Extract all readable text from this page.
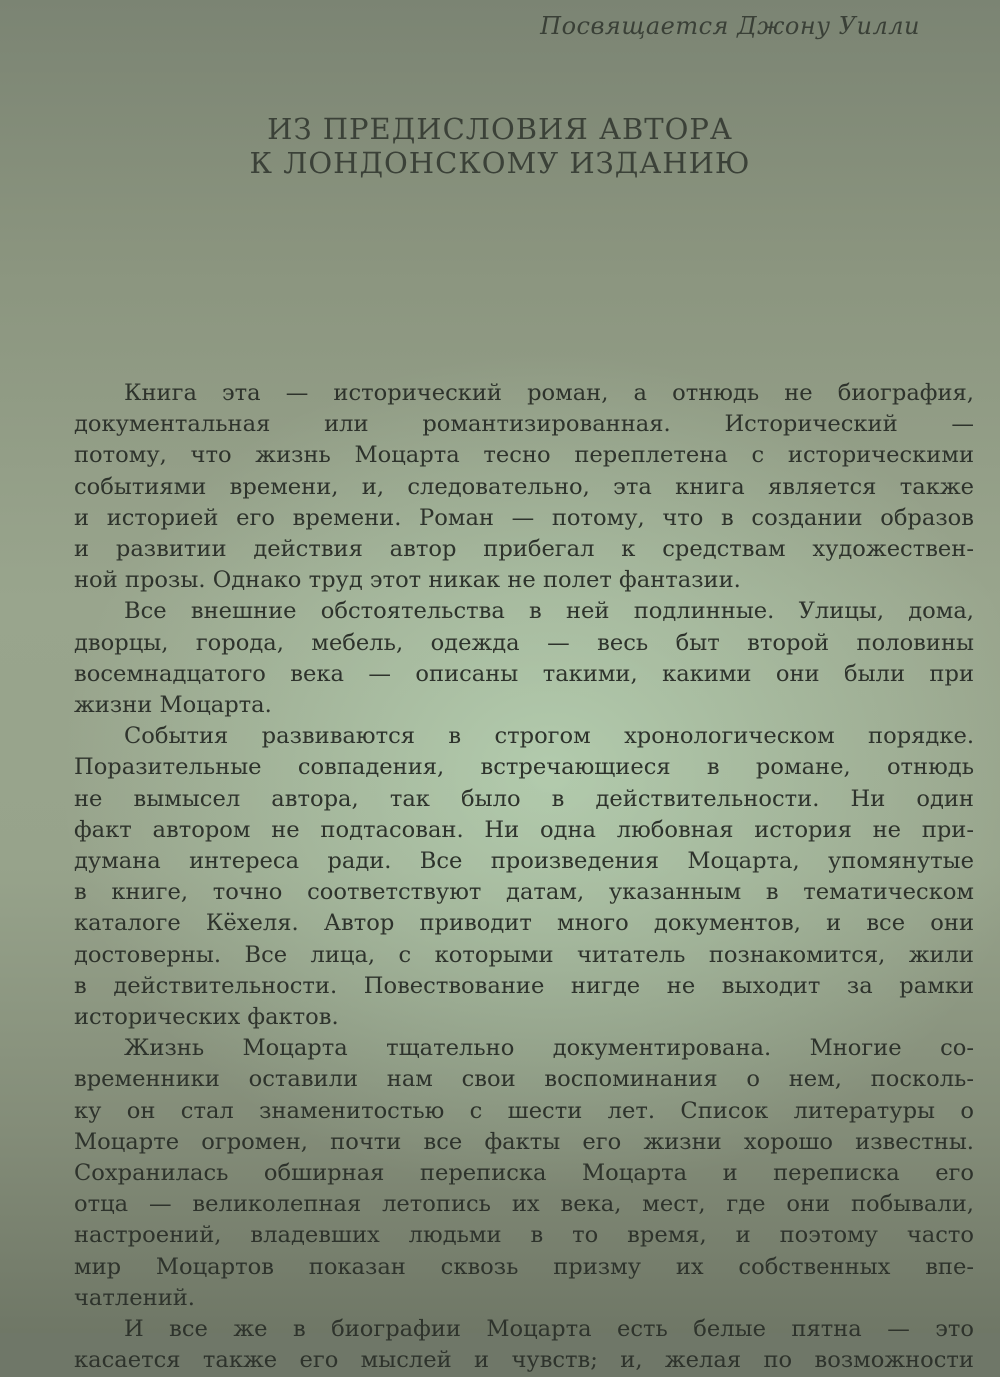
Посвящается Джону Уилли
ИЗ ПРЕДИСЛОВИЯ АВТОРА
К ЛОНДОНСКОМУ ИЗДАНИЮ

Книга эта — исторический роман, а отнюдь не биография,
документальная или романтизированная. Исторический —
потому, что жизнь Моцарта тесно переплетена с историческими
событиями времени, и, следовательно, эта книга является также
и историей его времени. Роман — потому, что в создании образов
и развитии действия автор прибегал к средствам художествен-
ной прозы. Однако труд этот никак не полет фантазии.

Все внешние обстоятельства в ней подлинные. Улицы, дома,
дворцы, города, мебель, одежда — весь быт второй половины
восемнадцатого века — описаны такими, какими они были при
жизни Моцарта.

События развиваются в строгом хронологическом порядке.
Поразительные совпадения, встречающиеся в романе, отнюдь
не вымысел автора, так было в действительности. Ни один
факт автором не подтасован. Ни одна любовная история не при-
думана интереса ради. Все произведения Моцарта, упомянутые
в книге, точно соответствуют датам, указанным в тематическом
каталоге Кёхеля. Автор приводит много документов, и все они
достоверны. Все лица, с которыми читатель познакомится, жили
в действительности. Повествование нигде не выходит за рамки
исторических фактов.

Жизнь Моцарта тщательно документирована. Многие со-
временники оставили нам свои воспоминания о нем, посколь-
ку он стал знаменитостью с шести лет. Список литературы о
Моцарте огромен, почти все факты его жизни хорошо известны.
Сохранилась обширная переписка Моцарта и переписка его
отца — великолепная летопись их века, мест, где они побывали,
настроений, владевших людьми в то время, и поэтому часто
мир Моцартов показан сквозь призму их собственных впе-
чатлений.

И все же в биографии Моцарта есть белые пятна — это
касается также его мыслей и чувств; и, желая по возможности
